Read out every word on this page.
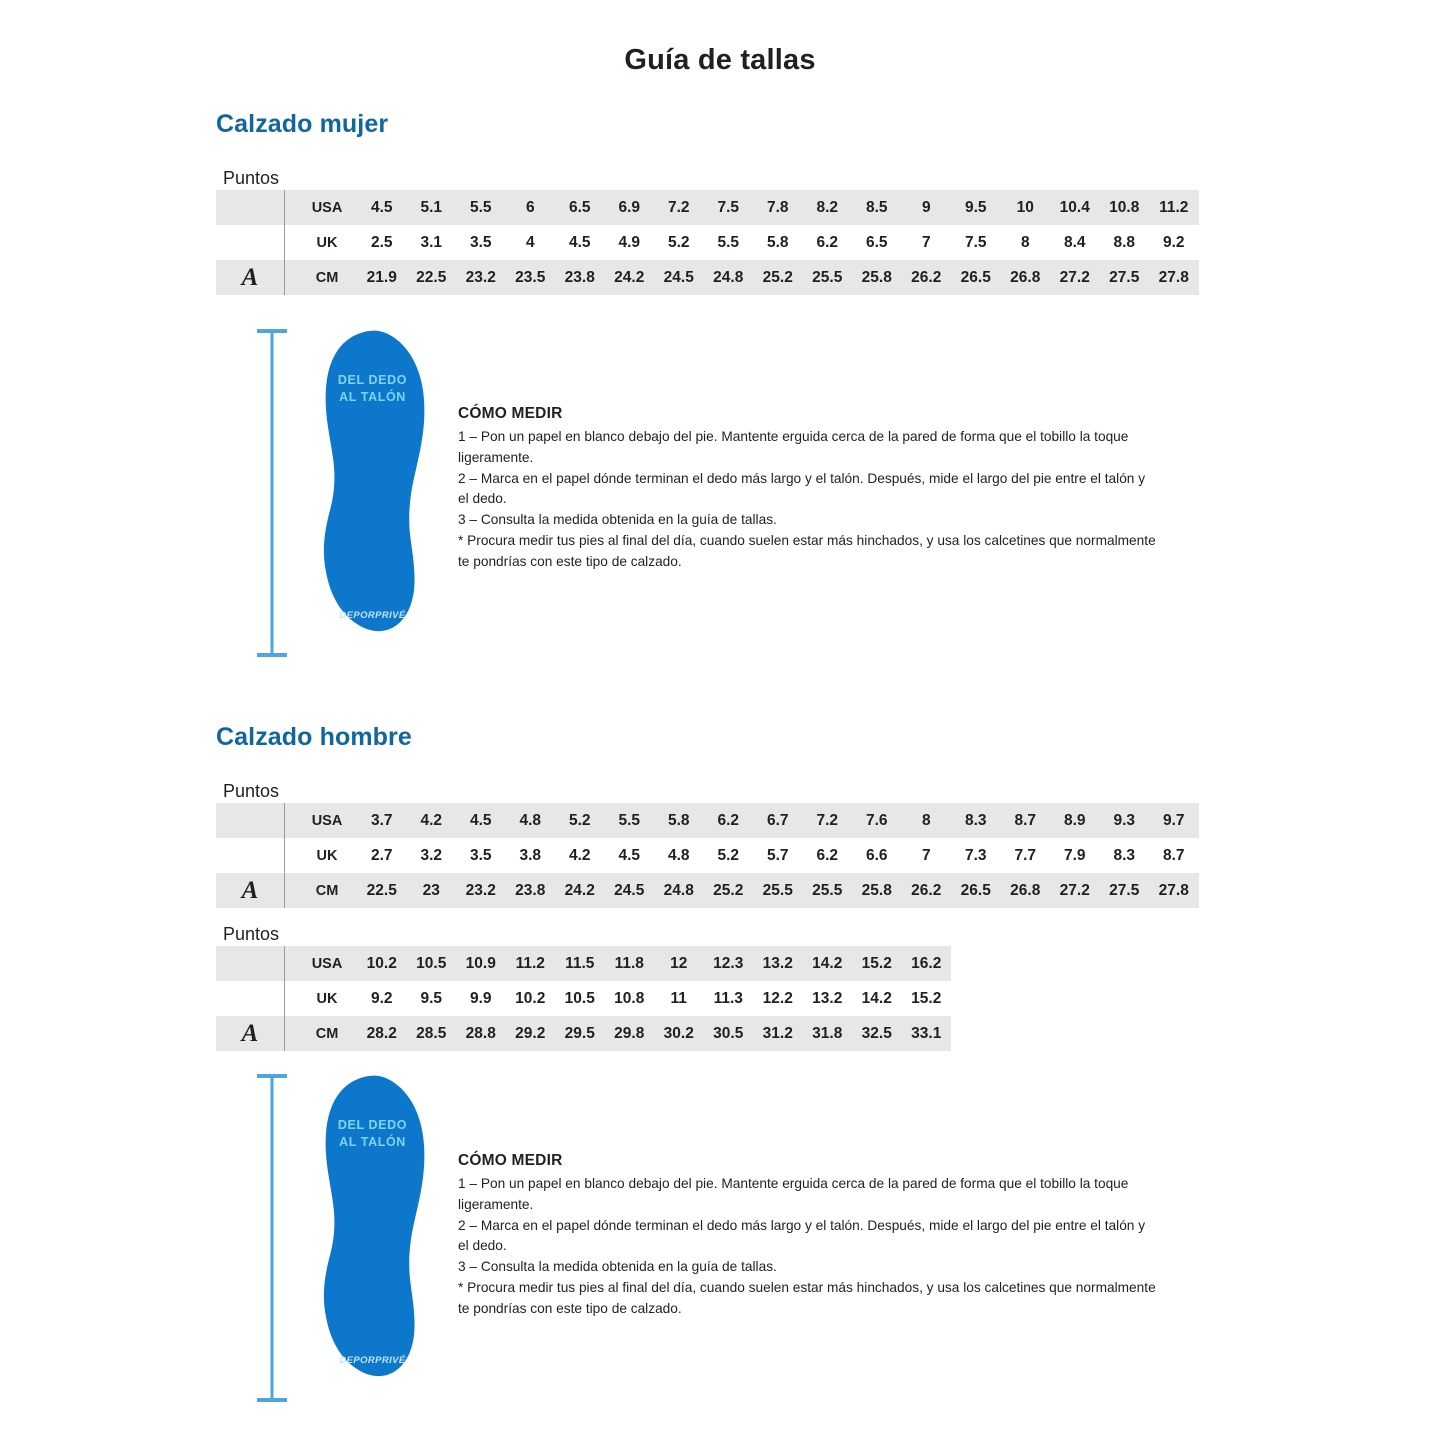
Guía de tallas
Calzado mujer
Puntos
	USA	4.5	5.1	5.5	6	6.5	6.9	7.2	7.5	7.8	8.2	8.5	9	9.5	10	10.4	10.8	11.2
	UK	2.5	3.1	3.5	4	4.5	4.9	5.2	5.5	5.8	6.2	6.5	7	7.5	8	8.4	8.8	9.2
A	CM	21.9	22.5	23.2	23.5	23.8	24.2	24.5	24.8	25.2	25.5	25.8	26.2	26.5	26.8	27.2	27.5	27.8
DEL DEDO
AL TALÓN
DEPORPRIVÉ
CÓMO MEDIR
1 – Pon un papel en blanco debajo del pie. Mantente erguida cerca de la pared de forma que el tobillo la toque ligeramente.
2 – Marca en el papel dónde terminan el dedo más largo y el talón. Después, mide el largo del pie entre el talón y el dedo.
3 – Consulta la medida obtenida en la guía de tallas.
* Procura medir tus pies al final del día, cuando suelen estar más hinchados, y usa los calcetines que normalmente te pondrías con este tipo de calzado.
Calzado hombre
Puntos
	USA	3.7	4.2	4.5	4.8	5.2	5.5	5.8	6.2	6.7	7.2	7.6	8	8.3	8.7	8.9	9.3	9.7
	UK	2.7	3.2	3.5	3.8	4.2	4.5	4.8	5.2	5.7	6.2	6.6	7	7.3	7.7	7.9	8.3	8.7
A	CM	22.5	23	23.2	23.8	24.2	24.5	24.8	25.2	25.5	25.5	25.8	26.2	26.5	26.8	27.2	27.5	27.8
Puntos
	USA	10.2	10.5	10.9	11.2	11.5	11.8	12	12.3	13.2	14.2	15.2	16.2
	UK	9.2	9.5	9.9	10.2	10.5	10.8	11	11.3	12.2	13.2	14.2	15.2
A	CM	28.2	28.5	28.8	29.2	29.5	29.8	30.2	30.5	31.2	31.8	32.5	33.1
DEL DEDO
AL TALÓN
DEPORPRIVÉ
CÓMO MEDIR
1 – Pon un papel en blanco debajo del pie. Mantente erguida cerca de la pared de forma que el tobillo la toque ligeramente.
2 – Marca en el papel dónde terminan el dedo más largo y el talón. Después, mide el largo del pie entre el talón y el dedo.
3 – Consulta la medida obtenida en la guía de tallas.
* Procura medir tus pies al final del día, cuando suelen estar más hinchados, y usa los calcetines que normalmente te pondrías con este tipo de calzado.
